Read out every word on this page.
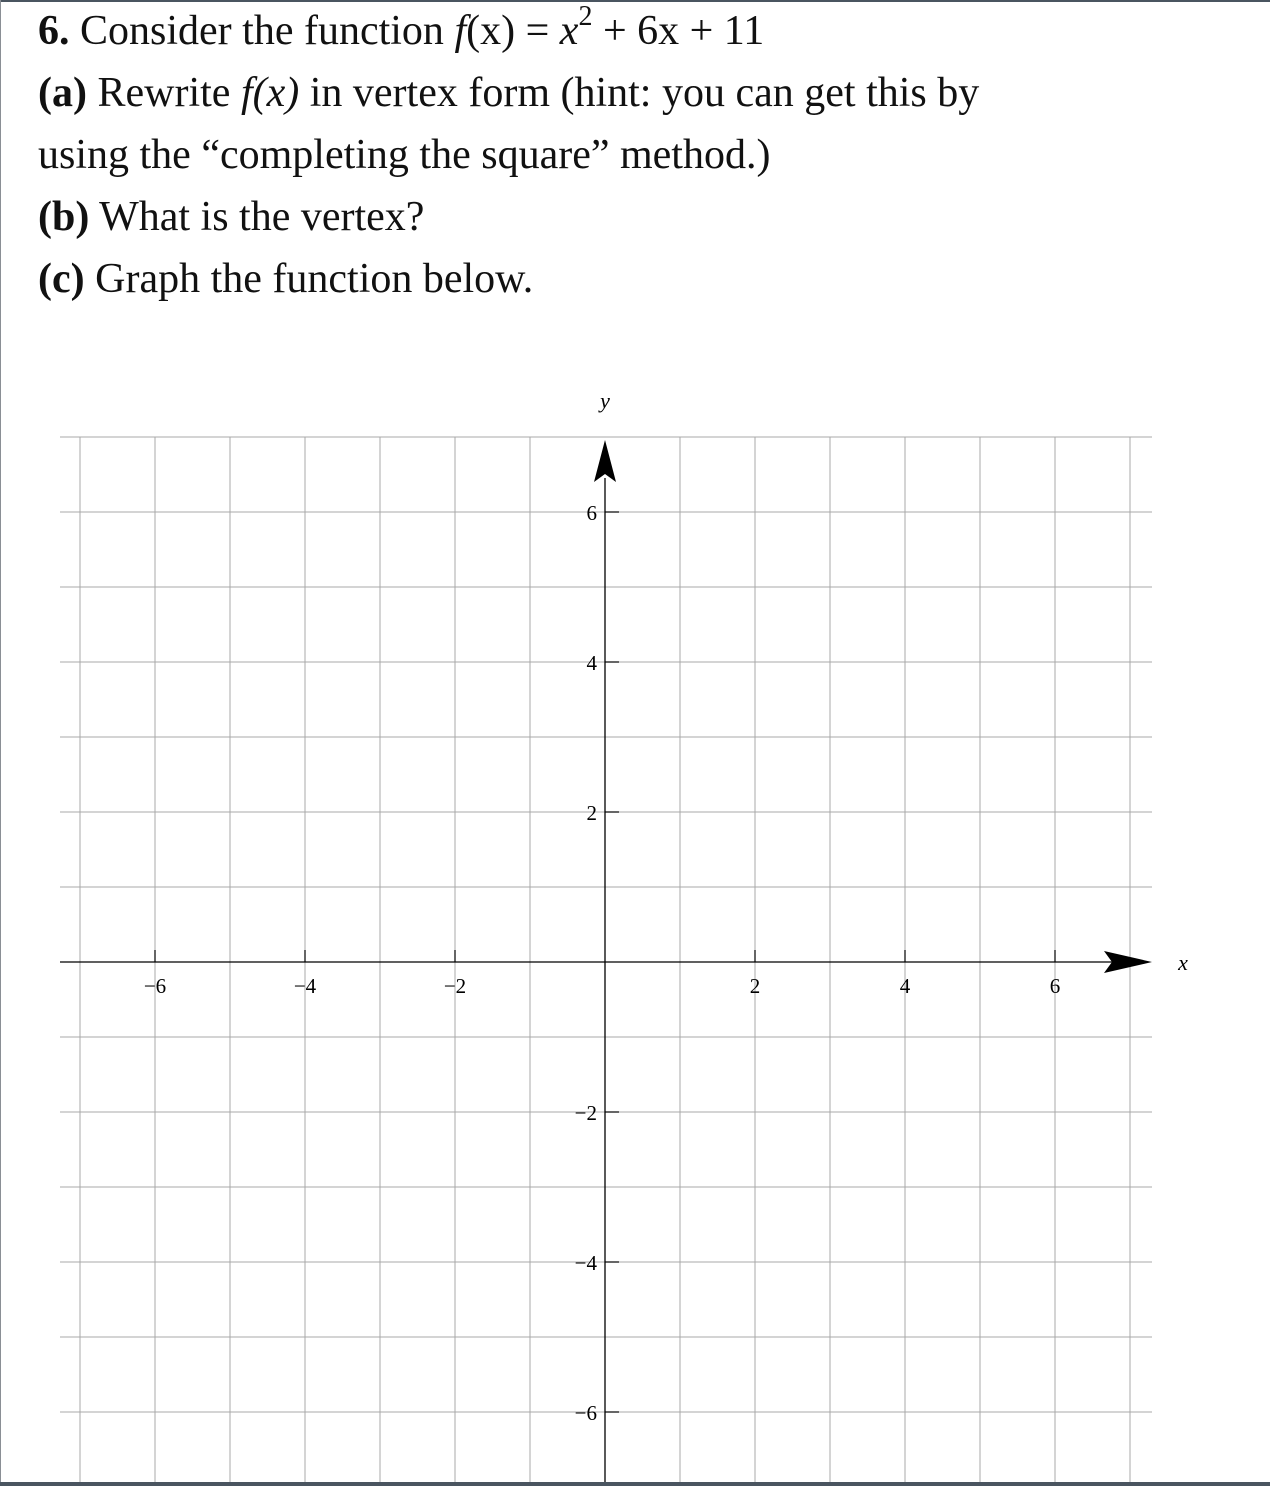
6. Consider the function $f(x) = x^2 + 6x + 11$
(a) Rewrite f(x) in vertex form (hint: you can get this by
using the “completing the square” method.)
(b) What is the vertex?
(c) Graph the function below.
x
y
−6	−4	−2	2	4	6
6
4
2
−2
−4
−6
